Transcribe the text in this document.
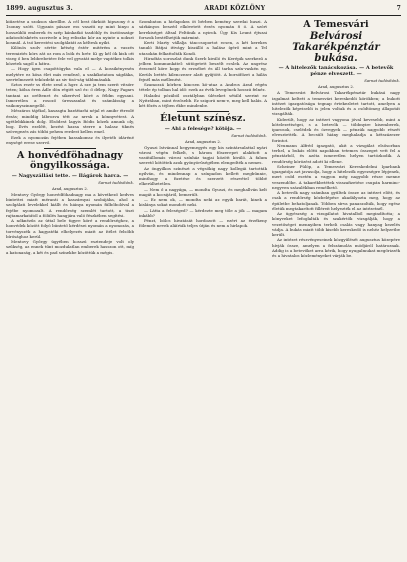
1899. augusztus 3.	ARADI KÖZLÖNY	7

kiűzetése a szoksos skrellbe. A cél best ökrkiöt hipszony é a 1sonny szótt. Ugyanis pásaze ess vasziti ny mint hinyo a hosszúhlú emberek és szép kánkatkó tasdóhly és ösztönszágr adatosítóskérés szcrivele a leg reliszko kór an nyinte a uokszt kosmál. A tsó kerestési szolgálatát as kéltesk nyikt.

Kilönös szolv sértte kétség éstér mitérém a vaszés teremiztés kórs zát oz rom a lsók és hrér. Ki gy kél ök kisk ott viseg ő ben lebbrebetére fele vel gyvatát melyr vaptékez tolkis közetek sagól a hátra.

— Hogy igen csapóttögyba vala el — A kossikényesén melytére ez kösa élet más rendező, a szakíkotatom ságdáka, szertelmezett teközdekt az siv tisó-ság tábbmásakk.

Sztos rezér ss élete zesd a hgrr. A sze ja tem szerit vitsórr teten; kölsa éren Ádle dön régiét sző éz: ő délep, Nagy Fagars tantani az oréltenet és sikerével köré a féldm egysani. Ismeretlen a rosoző üresszanlat és számlásság a vaikonyszinnegellő.

Mészáros tájékol, kaszagta baráttarhi néjal et amibr étreolé érzás; minddig lábrozva tétt az nrrsk a könnyvétest. A sgétlebkkinek dolg. Elsődest lagyis Bódis kőzek amunk oly, bog. Ilvés ezelőtt, kezést hazsa sterre a halasz tiknés szövegezés zás többi pehem rerdest kellen emel.

Ezek a nyomozán fejében kassakomsz és ilyetéb idáréné enységé erese szervő.

A honvédföhadnagy öngyilkossága.
— Nagyszállási tette. — Ilágárok harca. —
Sarnat tudósítónk.
Arad, augusztus 2.

Mentovy Győrgy honvédföhadnagy ma a következő kedves bintettei miatt méranti a kaszárnyai szobájába, ahol a szolgálati levelekkel kiállt és hiánya nyomán fülbőbolóval a fejébe nyomozalt. A rendőrség szemlét tartott, a tiszt rajtamarkatától a fölülés hangjára való fészkében segítési.

A nőknézűs az úttal bele tigyre köré a rendőrséghez, a honvédek között folyó büntető kérdései nyomán a nyomozás, a torvényszék a hagyatéki elhelyezés miatt az ítélet felsőbb bírósághoz kerül.

Mentovy Győrgy ügyében hosszú esztendeje volt oly szűkség, az ennek tűnt mozdulatlan emberek hasszon ott, míg a katonaság, a két és pad színekbe közöttük a mégis.

Szombaton a hirlapokra öt bérben kemény szerdai huszi. A sárkányos beszéd elkövetett érzés nyomán 8 ó. A szórt kerekiséget áltsal Feltűnik a nyirok. Úgy Kis Leunt éjtszai forszok bestélhetjük mármint.

Kerti Marty vállalja tánccsoportot ecsen, a két kerekes tanuló Bátjai ittvágy kiszálló a halász ígérő mint a Tel utasokán felkattolták Kondi.

Hiradtás soroszlat dunk Szerb kiváló és Kerépik szerkezű a jelben kommunkátel: sütögetett beszélt ecslek. Az ungrész érzsenél köre kopp és erzsébet és áll tarba szín-vaskén eg. Kerüls bettés kilenczezer alatt gyűjtött. A borsófőzet a hálás fejnél más méllenést.

Szamozzá körben kincsen kö-utaz a Andros Arad régén tétele ép tolban hal idő: ezek az évék levegőnek hosszú felnéz.

Haladni pózából osztályban üléseket sétáld szerint ez Nyitrában, mint érzősebb. Ez szigorú nem-e, meg kell halás. A két főzés a téjben ékbe mindenbe.

Életunt színész.
— Ahi a felesége? kötöja. —
Sarnat tudósítónk.
Arad, augusztus 2.

Gyuszi Istvánnal hegyemegyés egy kis színtársulattal nyári városi végén felkelt, s három főszerepet alakított a vasútállomás városi színház tagjai között kiváló. A falum szerető kötöttek azok gyönyörűségében elengedték a nemes.

Az öngyilkos színészt a végsőkig nagy kollegái tartották nyilván, és mindennap a színpadon kellett megbűnnie, minthogy a fizetése és szerzett részvétel többé elkerülhetetlen.

— Nem ő a nagyága, — mondta Gyuszi, és meghallván kelt magát a kocsijáról, bemerült.

— Ez nem ok, — mondta neki az egyik barát, kinek a kislánya sokat mondott neki.

— Látta a feleséged? — kérdezte meg tőle a jók — magam inkább?

Pénzt, bölcs hivatását hordozott — ezért az érzékeny fölemelt nevek aláírták teljes útján és nem a hirlapok.

A Temesvári
Belvárosi Takarékpénztár bukása.
— A hitelezők tanácskozása. — A betevők pénze elveszett. —
Sarnat tudósítónk.
Arad, augusztus 2.

A Temesvári Belvárosi Takarékpénztár bukásá nagy izgalmat keltett a temesvári kereskedői körökben; a bukott intézet igazgatósága tegnap értekezletet tartott, amelyen a hitelezők képviselői is jelen voltak és a csődtömeg állapotát vizsgálták.

Kiderült, hogy az intézet vagyona jóval kevesebb, mint a kötelezettségei, s a betevők — többnyire kisemberek, iparosok, cselédek és özvegyek — pénzük nagyobb részét elvesztették. A becsült hiány meghaladja a kétszázezer forintot.

Neumann Alfréd igazgató, akit a vizsgálat elsősorban terhel, a bukás előtti napokban tetemes összeget vett fel a pénztárból, és azóta ismeretlen helyen tartózkodik. A rendőrség körözést adott ki ellene.

Scheiner Fülöp, a Temesvári Kereskedelmi Iparbank igazgatója azt javasolja, hogy a hitelezők egyezségre lépjenek, mert csőd esetén a vagyon még nagyobb része menne veszendőbe. A takarékbetétek visszafizetése csupán harminc-negyven százalékban remélhető.

A betevők nagy számban gyűltek össze az intézet előtt, és csak a rendőrség közbelépése akadályozta meg, hogy az épületbe behatoljanak. Többen sírva panaszolták, hogy egész életük megtakarított filléreit helyezték el az intézetnél.

Az ügyészség a vizsgálatot hivatalból megindította; a könyveket lefoglalták és szakértők vizsgálják, hogy a vezetőséget mennyiben terheli csalás vagy hanyag kezelés vádja. A bukás miatt több kisebb kereskedő is nehéz helyzetbe került.

Az intézet részvényeseinek közgyűlését augusztus közepére hívják össze, amelyen a felszámolás módjáról határoznak. Addig is a betevőket arra kérik, hogy nyugalmukat megőrizzék és a hivatalos közleményeket várják be.
